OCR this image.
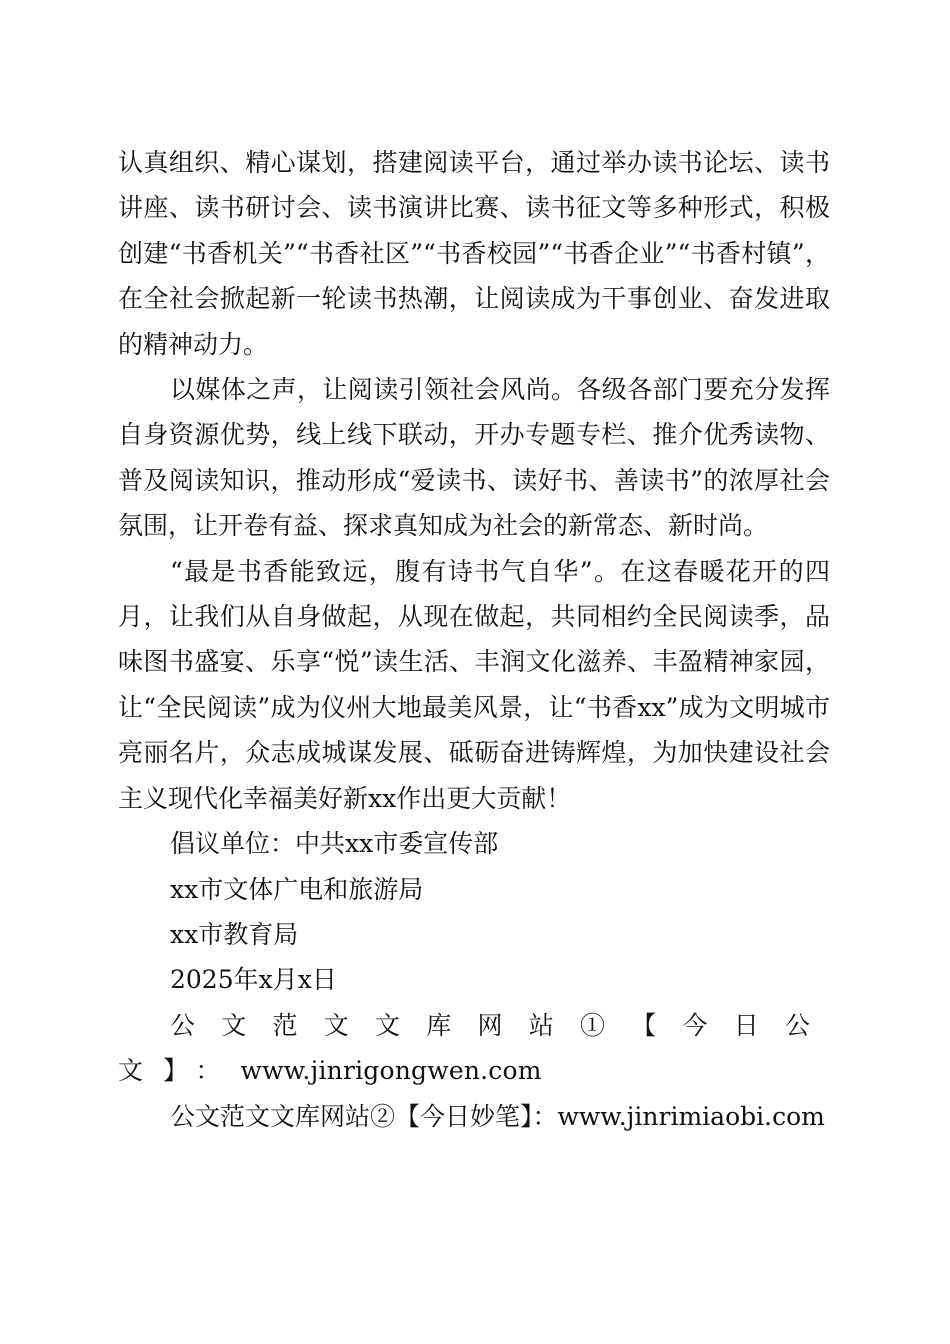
认真组织、精心谋划，搭建阅读平台，通过举办读书论坛、读书讲座、读书研讨会、读书演讲比赛、读书征文等多种形式，积极创建“书香机关”“书香社区”“书香校园”“书香企业”“书香村镇”，在全社会掀起新一轮读书热潮，让阅读成为干事创业、奋发进取的精神动力。

以媒体之声，让阅读引领社会风尚。各级各部门要充分发挥自身资源优势，线上线下联动，开办专题专栏、推介优秀读物、普及阅读知识，推动形成“爱读书、读好书、善读书”的浓厚社会氛围，让开卷有益、探求真知成为社会的新常态、新时尚。

“最是书香能致远，腹有诗书气自华”。在这春暖花开的四月，让我们从自身做起，从现在做起，共同相约全民阅读季，品味图书盛宴、乐享“悦”读生活、丰润文化滋养、丰盈精神家园，让“全民阅读”成为仪州大地最美风景，让“书香xx”成为文明城市亮丽名片，众志成城谋发展、砥砺奋进铸辉煌，为加快建设社会主义现代化幸福美好新xx作出更大贡献！

倡议单位：中共xx市委宣传部

xx市文体广电和旅游局

xx市教育局

2025年x月x日

公文范文文库网站①【今日公文】：www.jinrigongwen.com

公文范文文库网站②【今日妙笔】：www.jinrimiaobi.com
